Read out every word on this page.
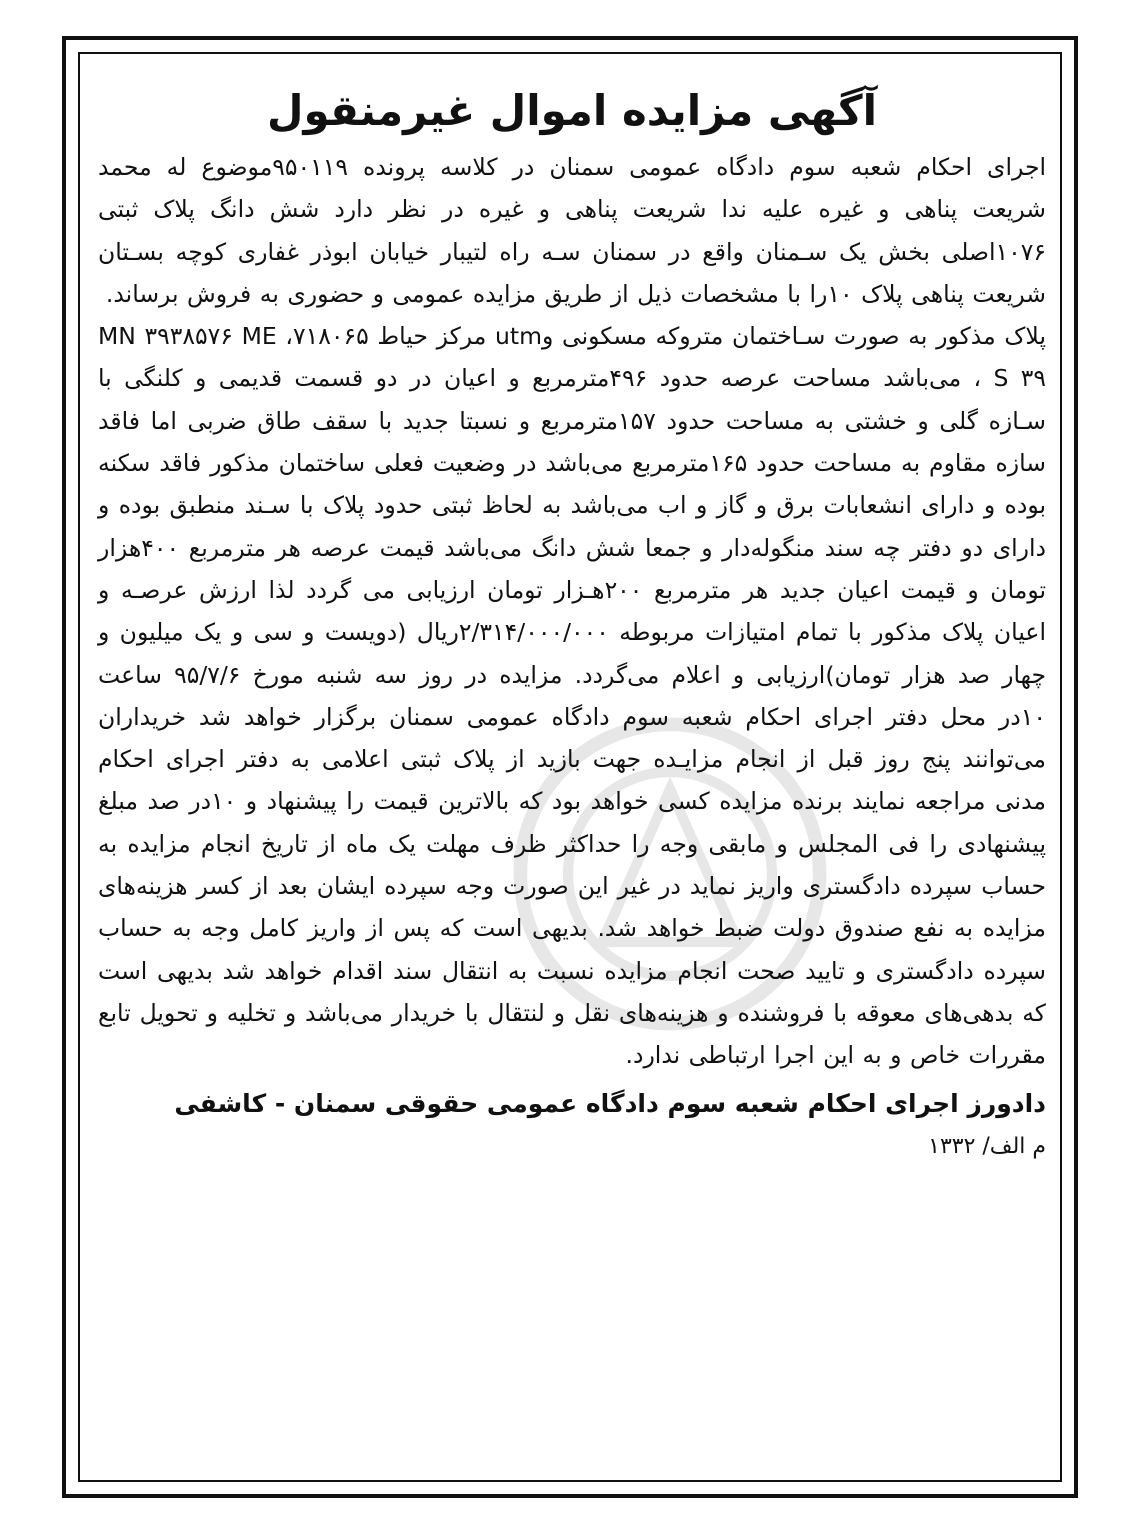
آگهی مزایده اموال غیرمنقول

اجرای احکام شعبه سوم دادگاه عمومی سمنان در کلاسه پرونده ۹۵۰۱۱۹موضوع له محمد شریعت پناهی و غیره علیه ندا شریعت پناهی و غیره در نظر دارد شش دانگ پلاک ثبتی ۱۰۷۶اصلی بخش یک سـمنان واقع در سمنان سـه راه لتیبار خیابان ابوذر غفاری کوچه بسـتان شریعت پناهی پلاک ۱۰را با مشخصات ذیل از طریق مزایده عمومی و حضوری به فروش برساند.

پلاک مذکور به صورت سـاختمان متروکه مسکونی وutm مرکز حیاط MN ۳۹۳۸۵۷۶ ME ،۷۱۸۰۶۵ ، S ۳۹ می‌باشد مساحت عرصه حدود ۴۹۶مترمربع و اعیان در دو قسمت قدیمی و کلنگی با سـازه گلی و خشتی به مساحت حدود ۱۵۷مترمربع و نسبتا جدید با سقف طاق ضربی اما فاقد سازه مقاوم به مساحت حدود ۱۶۵مترمربع می‌باشد در وضعیت فعلی ساختمان مذکور فاقد سکنه بوده و دارای انشعابات برق و گاز و اب می‌باشد به لحاظ ثبتی حدود پلاک با سـند منطبق بوده و دارای دو دفتر چه سند منگوله‌دار و جمعا شش دانگ می‌باشد قیمت عرصه هر مترمربع ۴۰۰هزار تومان و قیمت اعیان جدید هر مترمربع ۲۰۰هـزار تومان ارزیابی می گردد لذا ارزش عرصـه و اعیان پلاک مذکور با تمام امتیازات مربوطه ۲/۳۱۴/۰۰۰/۰۰۰ریال (دویست و سی و یک میلیون و چهار صد هزار تومان)ارزیابی و اعلام می‌گردد. مزایده در روز سه شنبه مورخ ۹۵/۷/۶ ساعت ۱۰در محل دفتر اجرای احکام شعبه سوم دادگاه عمومی سمنان برگزار خواهد شد خریداران می‌توانند پنج روز قبل از انجام مزایـده جهت بازید از پلاک ثبتی اعلامی به دفتر اجرای احکام مدنی مراجعه نمایند برنده مزایده کسی خواهد بود که بالاترین قیمت را پیشنهاد و ۱۰در صد مبلغ پیشنهادی را فی المجلس و مابقی وجه را حداکثر ظرف مهلت یک ماه از تاریخ انجام مزایده به حساب سپرده دادگستری واریز نماید در غیر این صورت وجه سپرده ایشان بعد از کسر هزینه‌های مزایده به نفع صندوق دولت ضبط خواهد شد. بدیهی است که پس از واریز کامل وجه به حساب سپرده دادگستری و تایید صحت انجام مزایده نسبت به انتقال سند اقدام خواهد شد بدیهی است که بدهی‌های معوقه با فروشنده و هزینه‌های نقل و لنتقال با خریدار می‌باشد و تخلیه و تحویل تابع مقررات خاص و به این اجرا ارتباطی ندارد.

دادورز اجرای احکام شعبه سوم دادگاه عمومی حقوقی سمنان - کاشفی

م الف/ ۱۳۳۲
